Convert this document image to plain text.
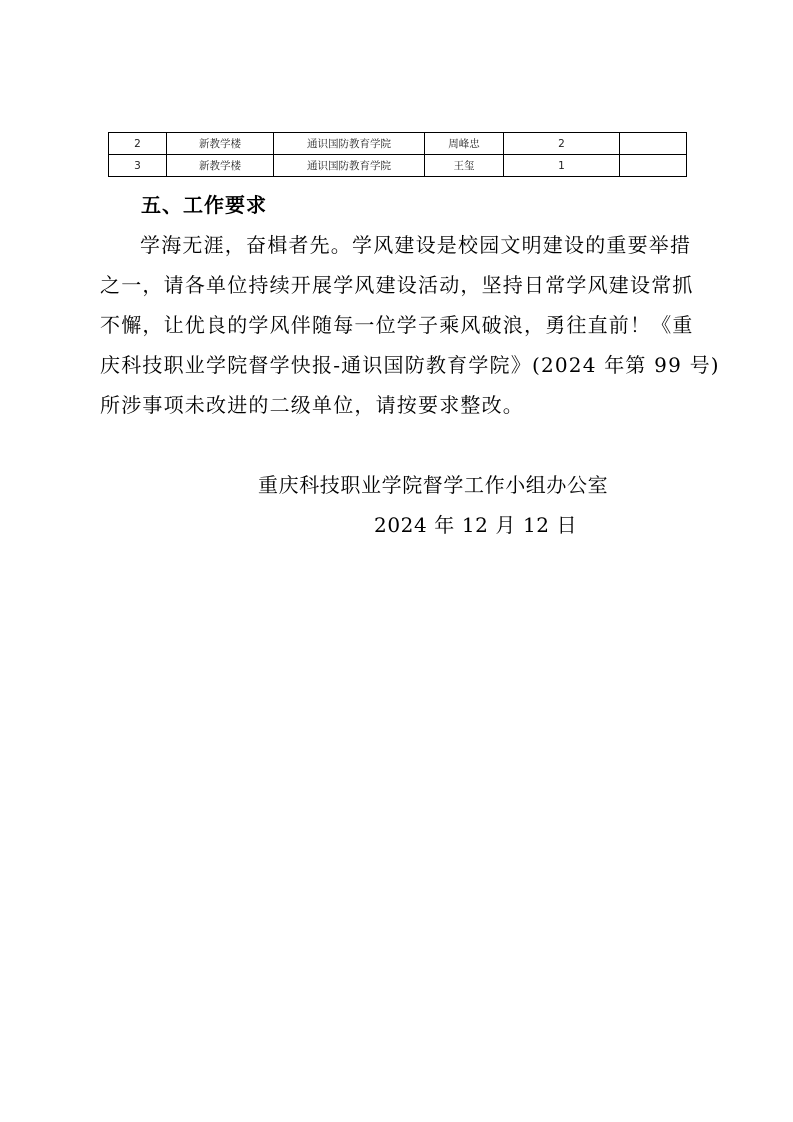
2	新教学楼	通识国防教育学院	周峰忠	2	
3	新教学楼	通识国防教育学院	王玺	1	
五、工作要求
学海无涯，奋楫者先。学风建设是校园文明建设的重要举措
之一，请各单位持续开展学风建设活动，坚持日常学风建设常抓
不懈，让优良的学风伴随每一位学子乘风破浪，勇往直前！《重
庆科技职业学院督学快报-通识国防教育学院》(2024 年第 99 号)
所涉事项未改进的二级单位，请按要求整改。

重庆科技职业学院督学工作小组办公室

2024 年 12 月 12 日
